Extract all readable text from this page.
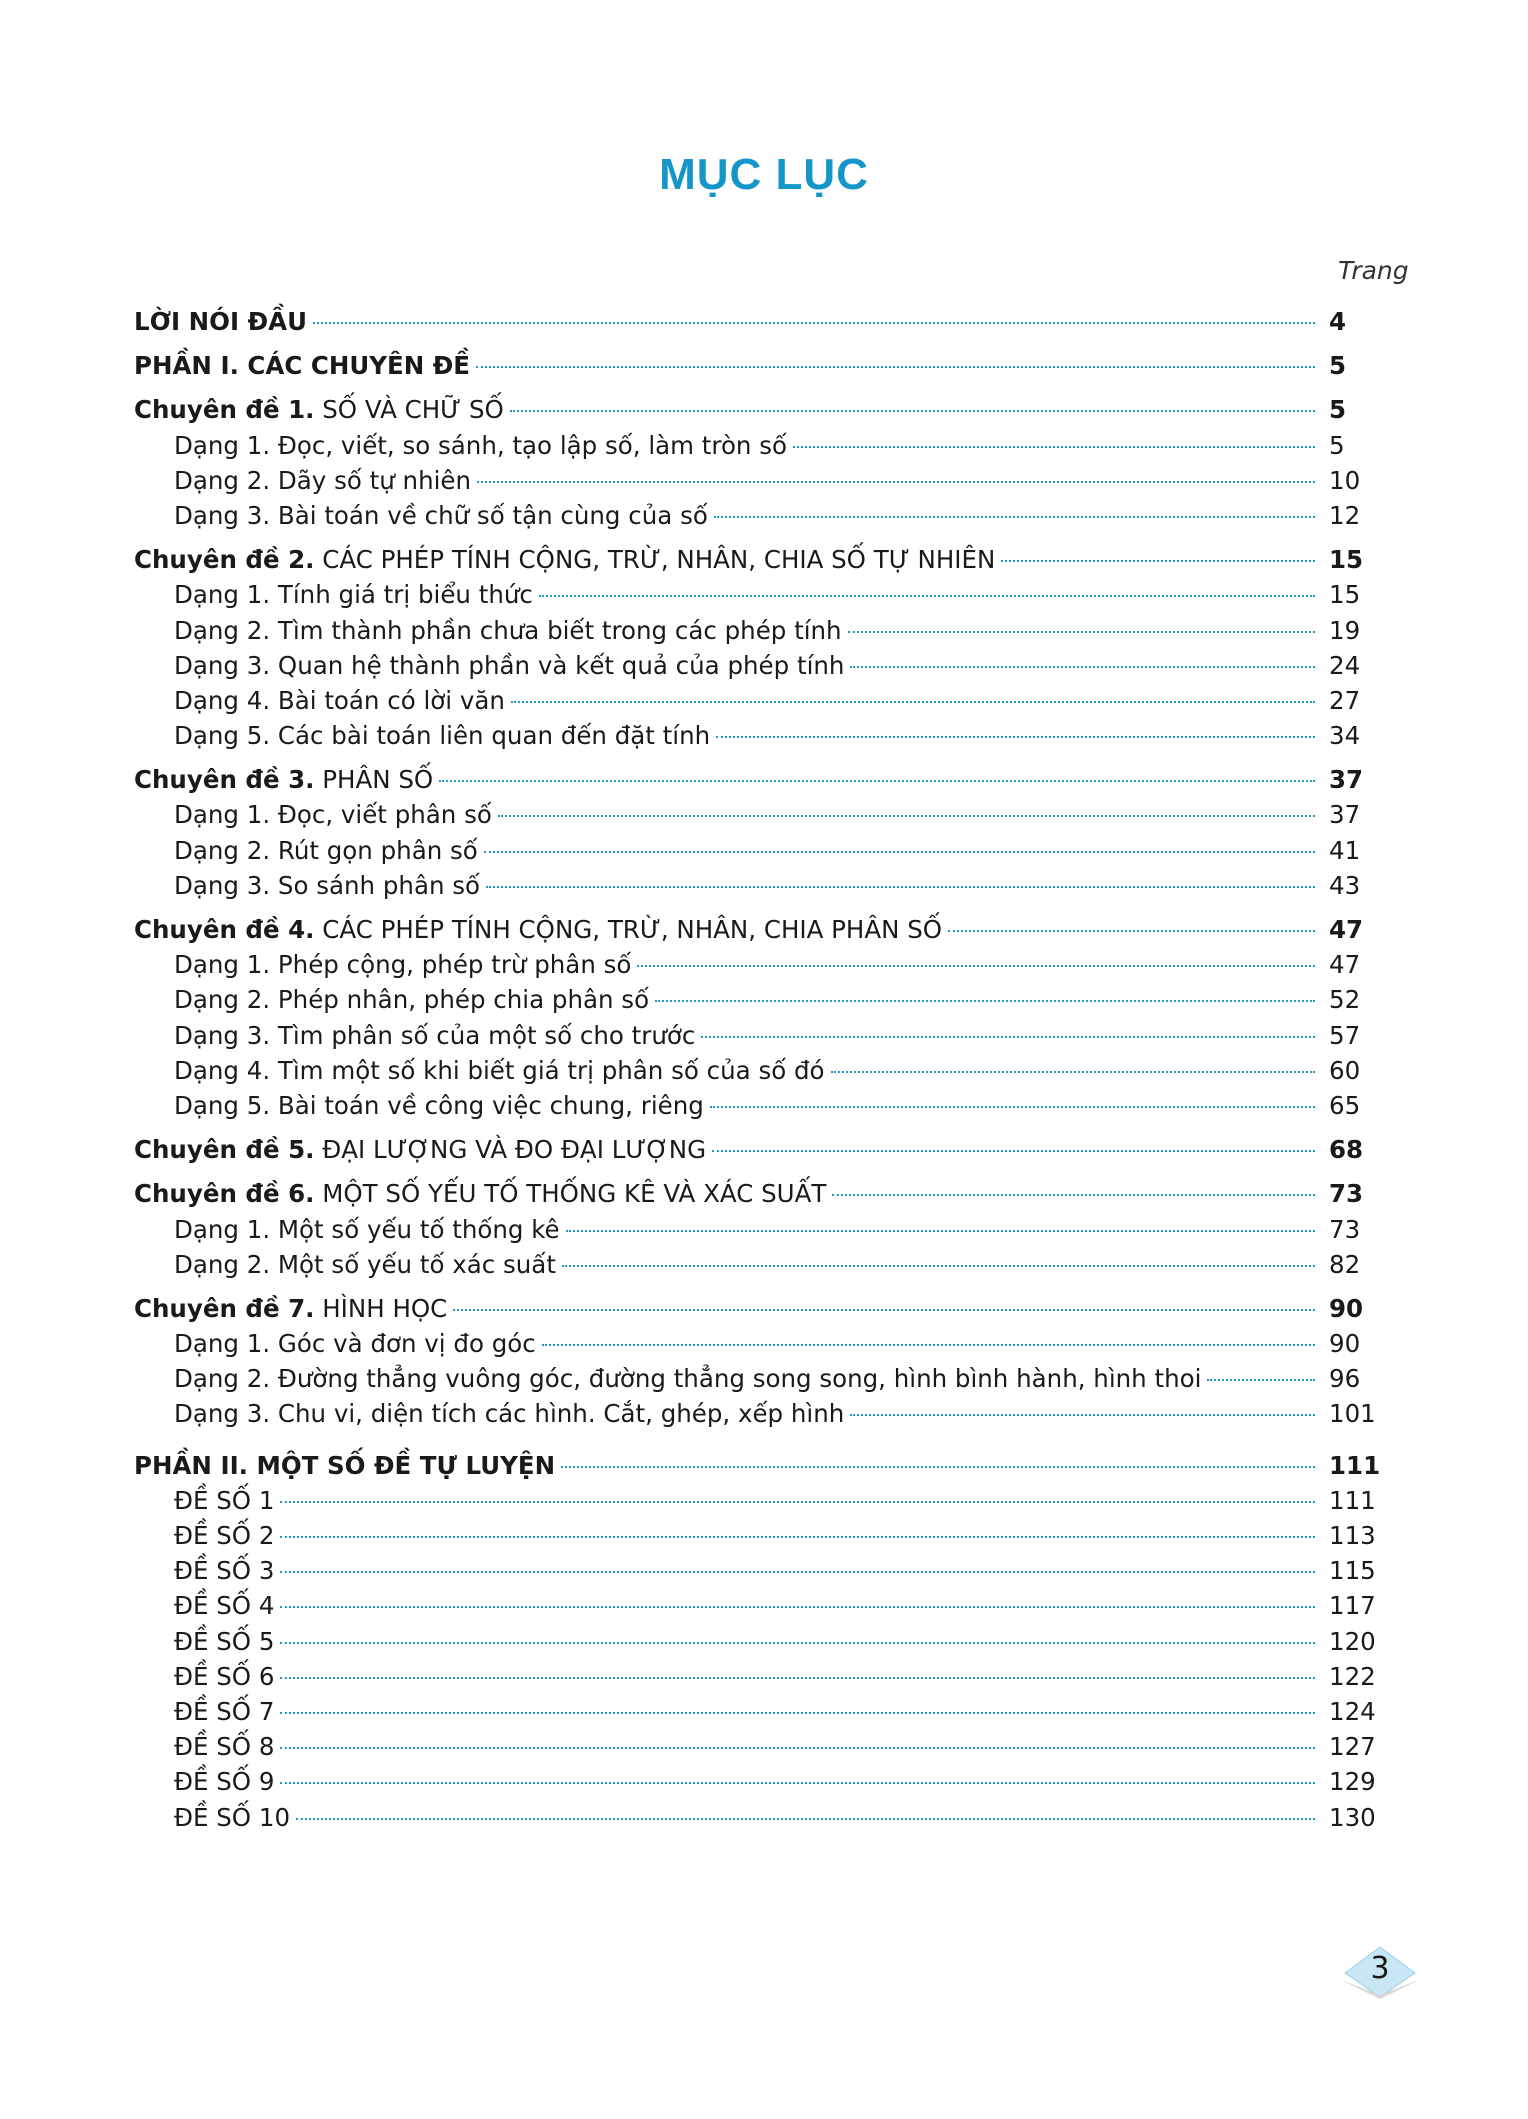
MỤC LỤC
Trang
LỜI NÓI ĐẦU	4
PHẦN I. CÁC CHUYÊN ĐỀ	5
Chuyên đề 1. SỐ VÀ CHỮ SỐ	5
Dạng 1. Đọc, viết, so sánh, tạo lập số, làm tròn số	5
Dạng 2. Dãy số tự nhiên	10
Dạng 3. Bài toán về chữ số tận cùng của số	12
Chuyên đề 2. CÁC PHÉP TÍNH CỘNG, TRỪ, NHÂN, CHIA SỐ TỰ NHIÊN	15
Dạng 1. Tính giá trị biểu thức	15
Dạng 2. Tìm thành phần chưa biết trong các phép tính	19
Dạng 3. Quan hệ thành phần và kết quả của phép tính	24
Dạng 4. Bài toán có lời văn	27
Dạng 5. Các bài toán liên quan đến đặt tính	34
Chuyên đề 3. PHÂN SỐ	37
Dạng 1. Đọc, viết phân số	37
Dạng 2. Rút gọn phân số	41
Dạng 3. So sánh phân số	43
Chuyên đề 4. CÁC PHÉP TÍNH CỘNG, TRỪ, NHÂN, CHIA PHÂN SỐ	47
Dạng 1. Phép cộng, phép trừ phân số	47
Dạng 2. Phép nhân, phép chia phân số	52
Dạng 3. Tìm phân số của một số cho trước	57
Dạng 4. Tìm một số khi biết giá trị phân số của số đó	60
Dạng 5. Bài toán về công việc chung, riêng	65
Chuyên đề 5. ĐẠI LƯỢNG VÀ ĐO ĐẠI LƯỢNG	68
Chuyên đề 6. MỘT SỐ YẾU TỐ THỐNG KÊ VÀ XÁC SUẤT	73
Dạng 1. Một số yếu tố thống kê	73
Dạng 2. Một số yếu tố xác suất	82
Chuyên đề 7. HÌNH HỌC	90
Dạng 1. Góc và đơn vị đo góc	90
Dạng 2. Đường thẳng vuông góc, đường thẳng song song, hình bình hành, hình thoi	96
Dạng 3. Chu vi, diện tích các hình. Cắt, ghép, xếp hình	101
PHẦN II. MỘT SỐ ĐỀ TỰ LUYỆN	111
ĐỀ SỐ 1	111
ĐỀ SỐ 2	113
ĐỀ SỐ 3	115
ĐỀ SỐ 4	117
ĐỀ SỐ 5	120
ĐỀ SỐ 6	122
ĐỀ SỐ 7	124
ĐỀ SỐ 8	127
ĐỀ SỐ 9	129
ĐỀ SỐ 10	130
3
